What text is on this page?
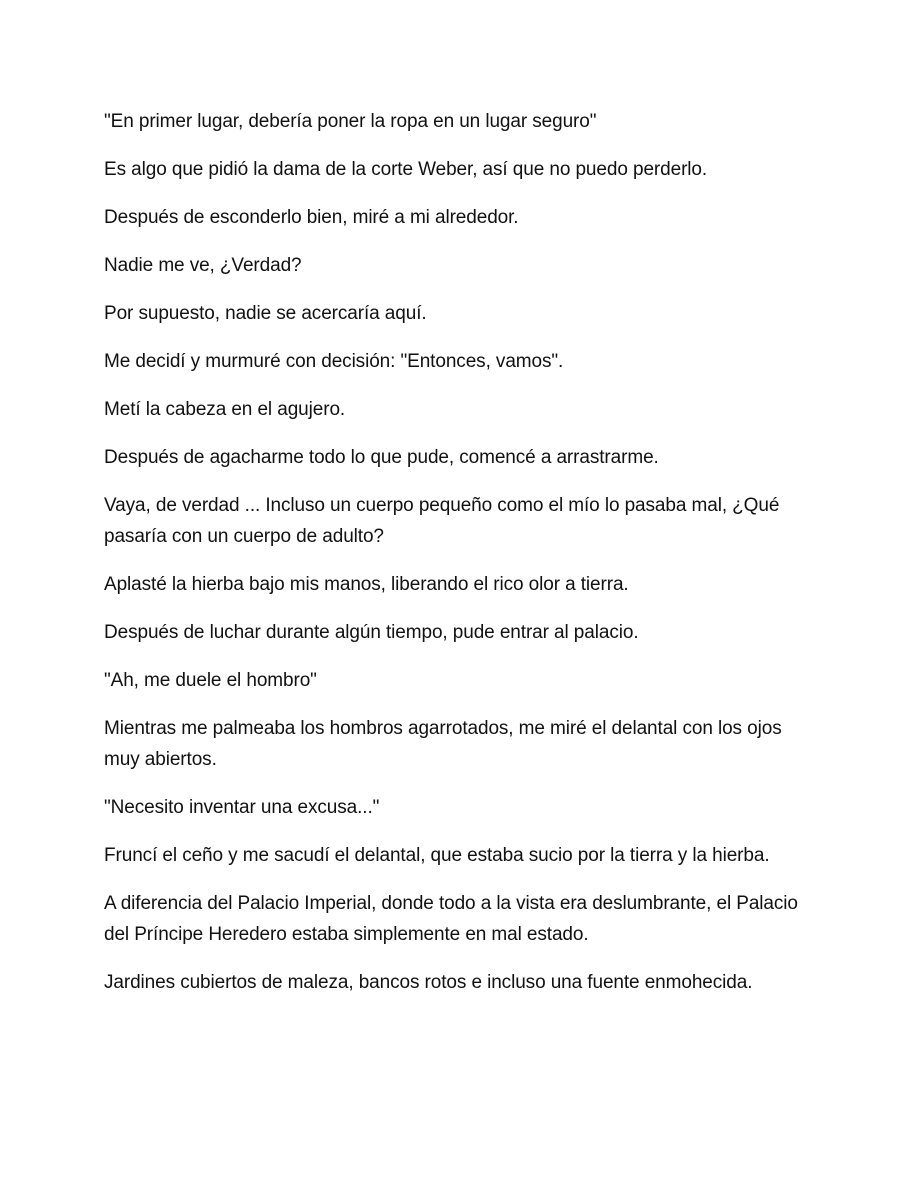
"En primer lugar, debería poner la ropa en un lugar seguro"

Es algo que pidió la dama de la corte Weber, así que no puedo perderlo.

Después de esconderlo bien, miré a mi alrededor.

Nadie me ve, ¿Verdad?

Por supuesto, nadie se acercaría aquí.

Me decidí y murmuré con decisión: "Entonces, vamos".

Metí la cabeza en el agujero.

Después de agacharme todo lo que pude, comencé a arrastrarme.

Vaya, de verdad ... Incluso un cuerpo pequeño como el mío lo pasaba mal, ¿Qué pasaría con un cuerpo de adulto?

Aplasté la hierba bajo mis manos, liberando el rico olor a tierra.

Después de luchar durante algún tiempo, pude entrar al palacio.

"Ah, me duele el hombro"

Mientras me palmeaba los hombros agarrotados, me miré el delantal con los ojos muy abiertos.

"Necesito inventar una excusa..."

Fruncí el ceño y me sacudí el delantal, que estaba sucio por la tierra y la hierba.

A diferencia del Palacio Imperial, donde todo a la vista era deslumbrante, el Palacio del Príncipe Heredero estaba simplemente en mal estado.

Jardines cubiertos de maleza, bancos rotos e incluso una fuente enmohecida.
